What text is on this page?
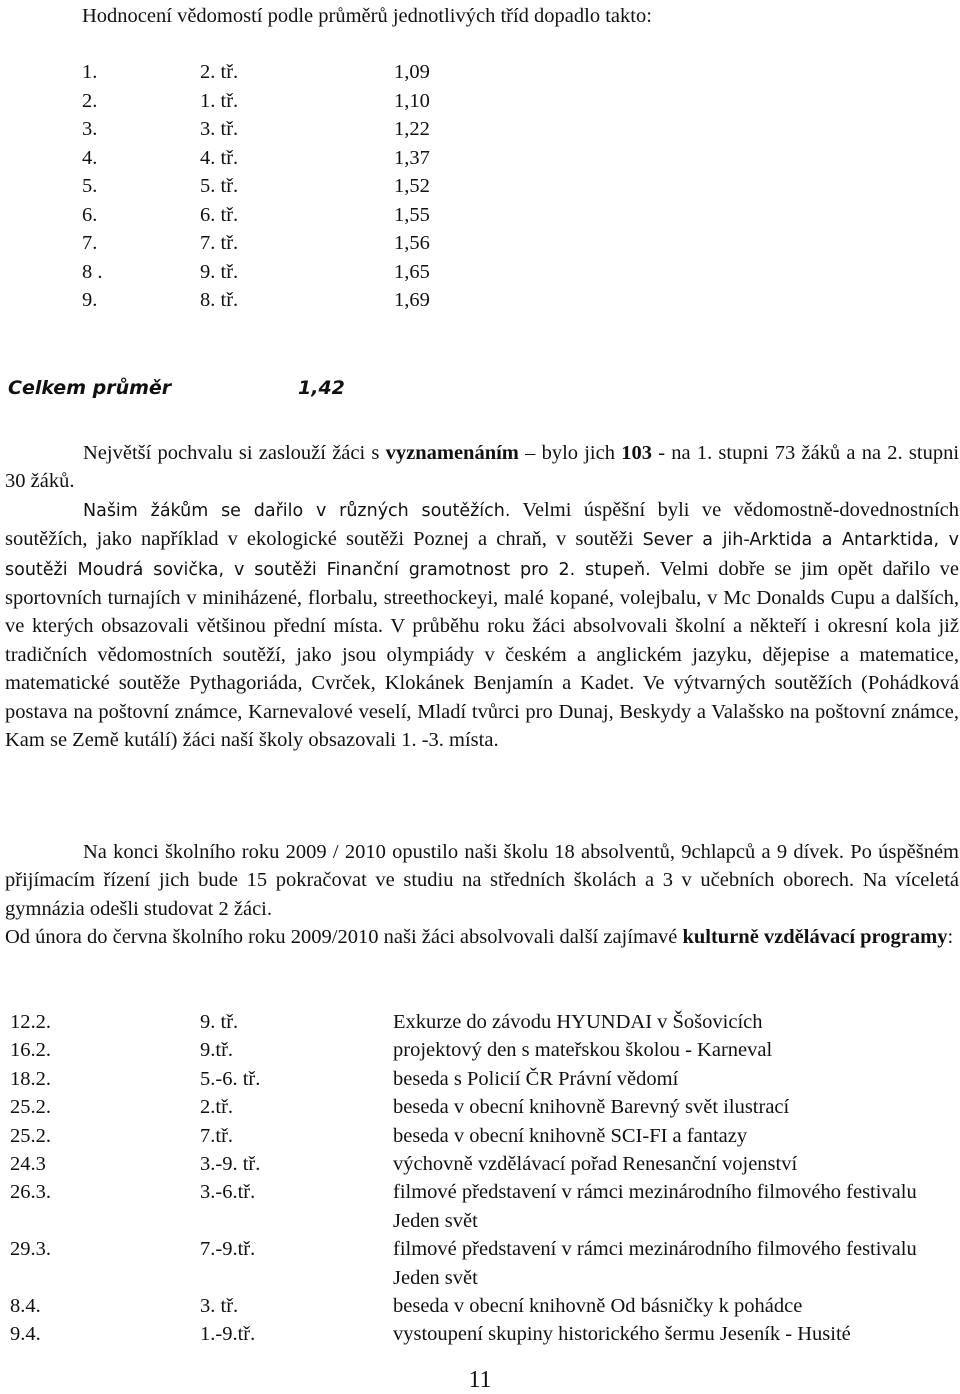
Hodnocení vědomostí podle průměrů jednotlivých tříd dopadlo takto:
1.	2. tř.	1,09
2.	1. tř.	1,10
3.	3. tř.	1,22
4.	4. tř.	1,37
5.	5. tř.	1,52
6.	6. tř.	1,55
7.	7. tř.	1,56
8 .	9. tř.	1,65
9.	8. tř.	1,69
Celkem průměr	1,42

Největší pochvalu si zaslouží žáci s vyznamenáním – bylo jich 103 - na 1. stupni 73 žáků a na 2. stupni 30 žáků.

Našim žákům se dařilo v různých soutěžích. Velmi úspěšní byli ve vědomostně-dovednostních soutěžích, jako například v ekologické soutěži Poznej a chraň, v soutěži Sever a jih-Arktida a Antarktida, v soutěži Moudrá sovička, v soutěži Finanční gramotnost pro 2. stupeň. Velmi dobře se jim opět dařilo ve sportovních turnajích v miniházené, florbalu, streethockeyi, malé kopané, volejbalu, v Mc Donalds Cupu a dalších, ve kterých obsazovali většinou přední místa. V průběhu roku žáci absolvovali školní a někteří i okresní kola již tradičních vědomostních soutěží, jako jsou olympiády v českém a anglickém jazyku, dějepise a matematice, matematické soutěže Pythagoriáda, Cvrček, Klokánek Benjamín a Kadet. Ve výtvarných soutěžích (Pohádková postava na poštovní známce, Karnevalové veselí, Mladí tvůrci pro Dunaj, Beskydy a Valašsko na poštovní známce, Kam se Země kutálí) žáci naší školy obsazovali 1. -3. místa.

Na konci školního roku 2009 / 2010 opustilo naši školu 18 absolventů, 9chlapců a 9 dívek. Po úspěšném přijímacím řízení jich bude 15 pokračovat ve studiu na středních školách a 3 v učebních oborech. Na víceletá gymnázia odešli studovat 2 žáci.

Od února do června školního roku 2009/2010 naši žáci absolvovali další zajímavé kulturně vzdělávací programy:

12.2.	9. tř.	Exkurze do závodu HYUNDAI v Šošovicích
16.2.	9.tř.	projektový den s mateřskou školou - Karneval
18.2.	5.-6. tř.	beseda s Policií ČR Právní vědomí
25.2.	2.tř.	beseda v obecní knihovně Barevný svět ilustrací
25.2.	7.tř.	beseda v obecní knihovně SCI-FI a fantazy
24.3	3.-9. tř.	výchovně vzdělávací pořad Renesanční vojenství
26.3.	3.-6.tř.	filmové představení v rámci mezinárodního filmového festivalu Jeden svět
29.3.	7.-9.tř.	filmové představení v rámci mezinárodního filmového festivalu Jeden svět
8.4.	3. tř.	beseda v obecní knihovně Od básničky k pohádce
9.4.	1.-9.tř.	vystoupení skupiny historického šermu Jeseník - Husité
11
